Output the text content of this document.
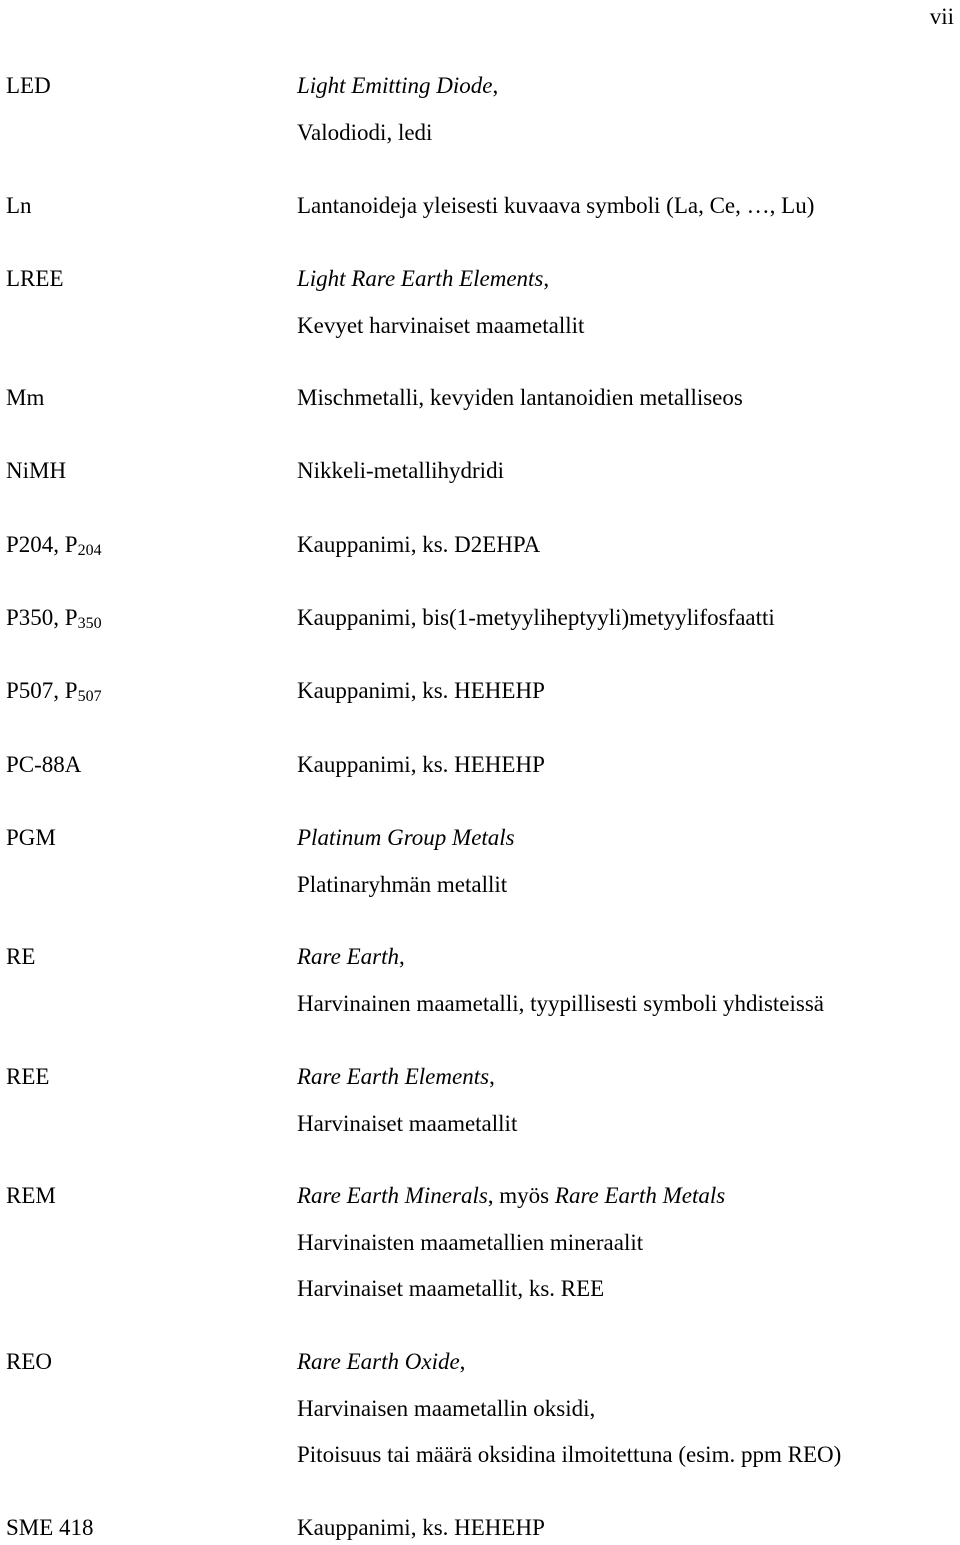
vii
LED	Light Emitting Diode,
Valodiodi, ledi
Ln	Lantanoideja yleisesti kuvaava symboli (La, Ce, …, Lu)
LREE	Light Rare Earth Elements,
Kevyet harvinaiset maametallit
Mm	Mischmetalli, kevyiden lantanoidien metalliseos
NiMH	Nikkeli-metallihydridi
P204, P204	Kauppanimi, ks. D2EHPA
P350, P350	Kauppanimi, bis(1-metyyliheptyyli)metyylifosfaatti
P507, P507	Kauppanimi, ks. HEHEHP
PC-88A	Kauppanimi, ks. HEHEHP
PGM	Platinum Group Metals
Platinaryhmän metallit
RE	Rare Earth,
Harvinainen maametalli, tyypillisesti symboli yhdisteissä
REE	Rare Earth Elements,
Harvinaiset maametallit
REM	Rare Earth Minerals, myös Rare Earth Metals
Harvinaisten maametallien mineraalit
Harvinaiset maametallit, ks. REE
REO	Rare Earth Oxide,
Harvinaisen maametallin oksidi,
Pitoisuus tai määrä oksidina ilmoitettuna (esim. ppm REO)
SME 418	Kauppanimi, ks. HEHEHP
